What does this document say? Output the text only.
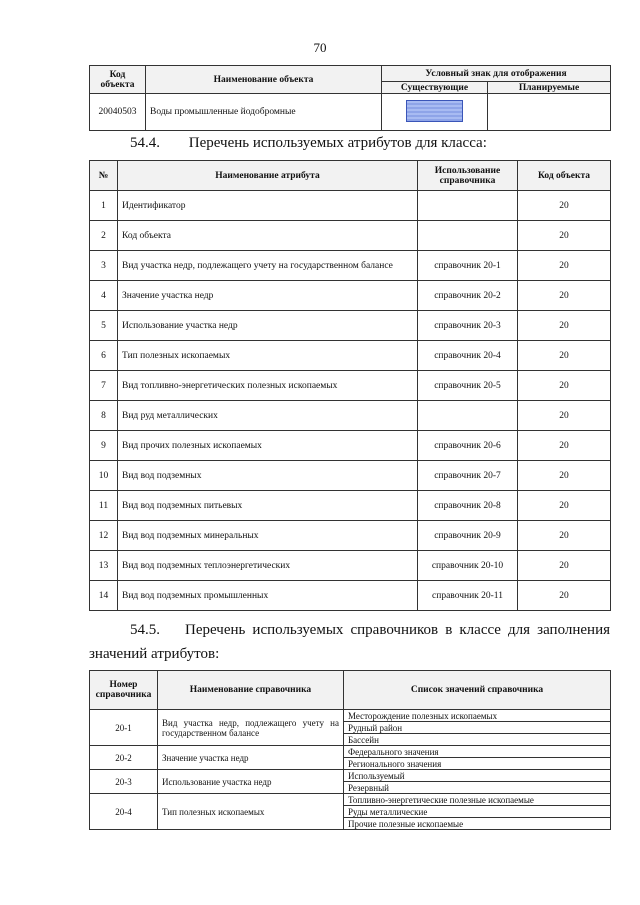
70
Код объекта	Наименование объекта	Условный знак для отображения	
		Существующие	Планируемые
20040503	Воды промышленные йодобромные		
54.4. Перечень используемых атрибутов для класса:
№	Наименование атрибута	Использование справочника	Код объекта
1	Идентификатор		20
2	Код объекта		20
3	Вид участка недр, подлежащего учету на государственном балансе	справочник 20-1	20
4	Значение участка недр	справочник 20-2	20
5	Использование участка недр	справочник 20-3	20
6	Тип полезных ископаемых	справочник 20-4	20
7	Вид топливно-энергетических полезных ископаемых	справочник 20-5	20
8	Вид руд металлических		20
9	Вид прочих полезных ископаемых	справочник 20-6	20
10	Вид вод подземных	справочник 20-7	20
11	Вид вод подземных питьевых	справочник 20-8	20
12	Вид вод подземных минеральных	справочник 20-9	20
13	Вид вод подземных теплоэнергетических	справочник 20-10	20
14	Вид вод подземных промышленных	справочник 20-11	20
54.5.	Перечень используемых справочников в классе для заполнения
значений атрибутов:
Номер справочника	Наименование справочника	Список значений справочника
20-1	Вид участка недр, подлежащего учету на государственном балансе	Месторождение полезных ископаемых
		Рудный район
		Бассейн
20-2	Значение участка недр	Федерального значения
		Регионального значения
20-3	Использование участка недр	Используемый
		Резервный
20-4	Тип полезных ископаемых	Топливно-энергетические полезные ископаемые
		Руды металлические
		Прочие полезные ископаемые
